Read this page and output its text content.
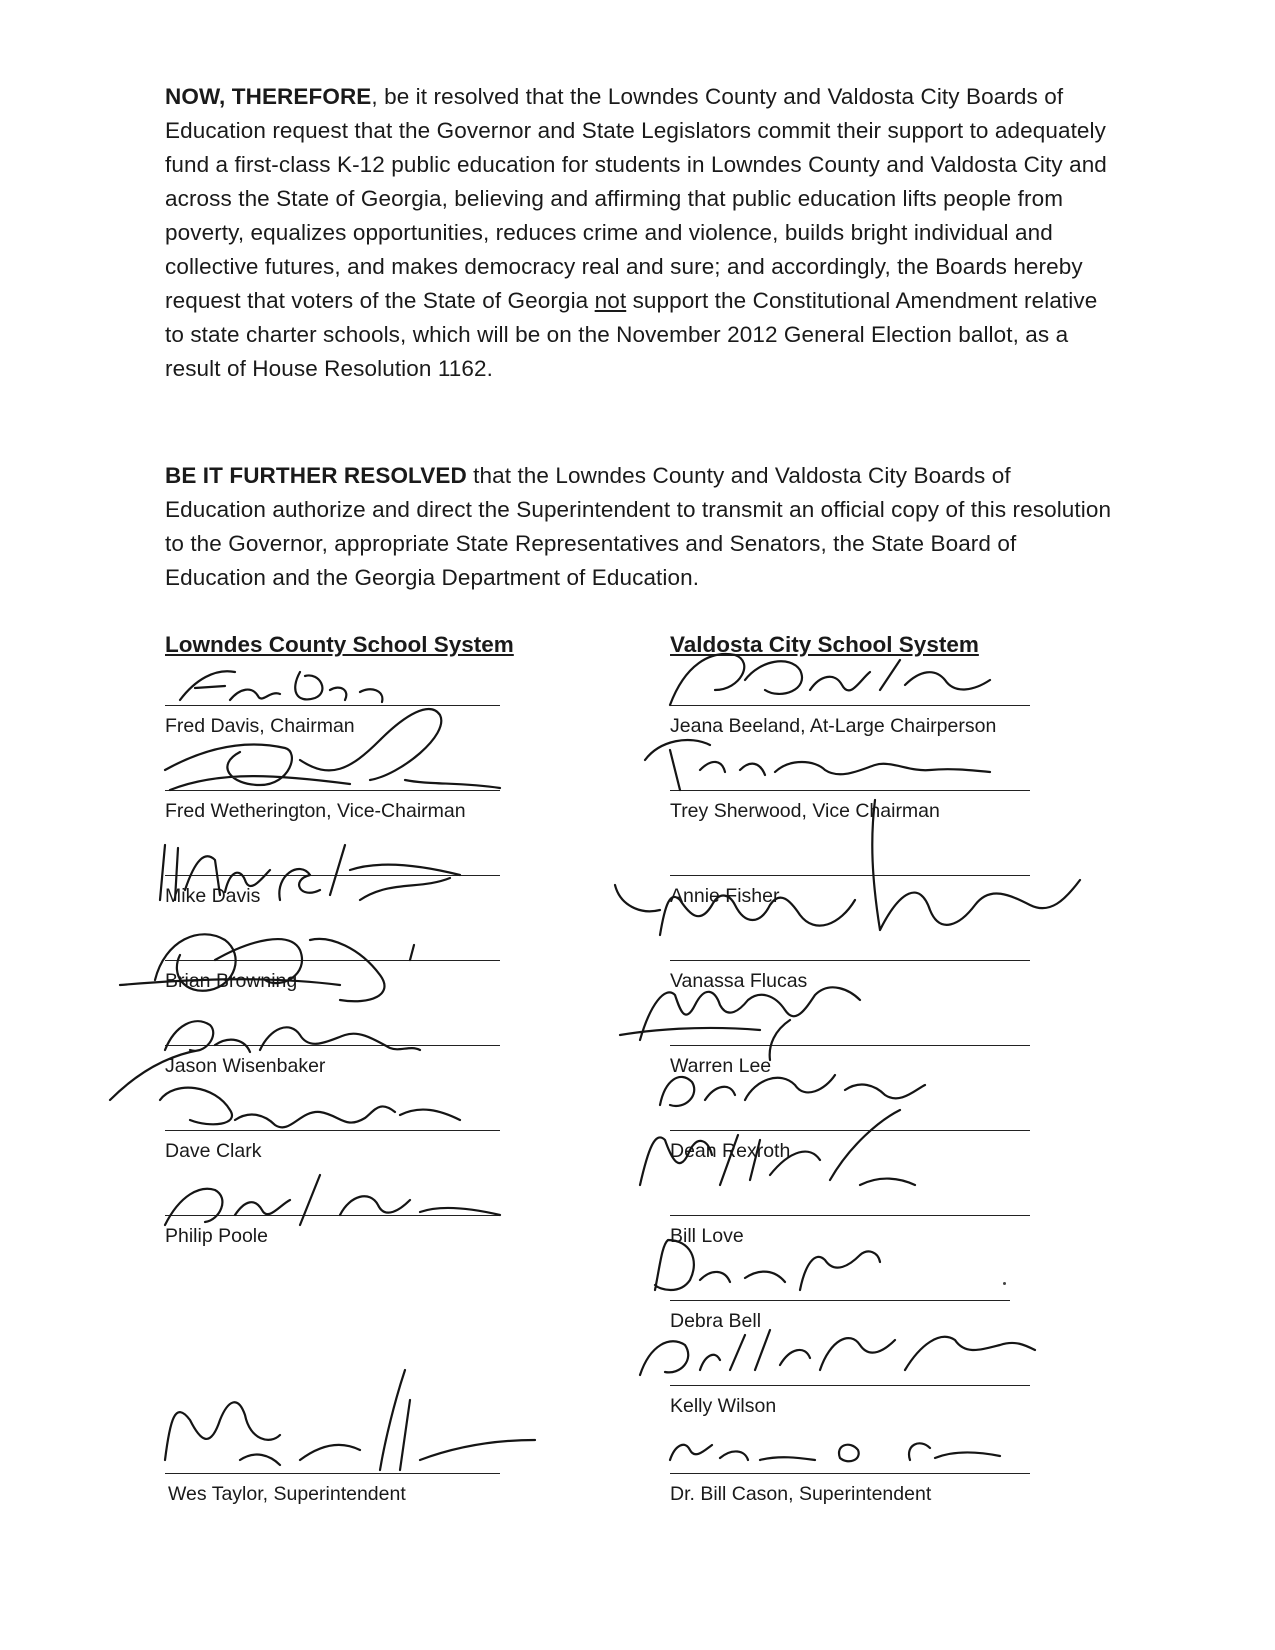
NOW, THEREFORE, be it resolved that the Lowndes County and Valdosta City Boards of Education request that the Governor and State Legislators commit their support to adequately fund a first-class K-12 public education for students in Lowndes County and Valdosta City and across the State of Georgia, believing and affirming that public education lifts people from poverty, equalizes opportunities, reduces crime and violence, builds bright individual and collective futures, and makes democracy real and sure; and accordingly, the Boards hereby request that voters of the State of Georgia not support the Constitutional Amendment relative to state charter schools, which will be on the November 2012 General Election ballot, as a result of House Resolution 1162.

BE IT FURTHER RESOLVED that the Lowndes County and Valdosta City Boards of Education authorize and direct the Superintendent to transmit an official copy of this resolution to the Governor, appropriate State Representatives and Senators, the State Board of Education and the Georgia Department of Education.

Lowndes County School System	Valdosta City School System
Fred Davis, Chairman
Fred Wetherington, Vice-Chairman
Mike Davis
Brian Browning
Jason Wisenbaker
Dave Clark
Philip Poole
Wes Taylor, Superintendent
Jeana Beeland, At-Large Chairperson
Trey Sherwood, Vice Chairman
Annie Fisher
Vanassa Flucas
Warren Lee
Dean Rexroth
Bill Love
Debra Bell
Kelly Wilson
Dr. Bill Cason, Superintendent
